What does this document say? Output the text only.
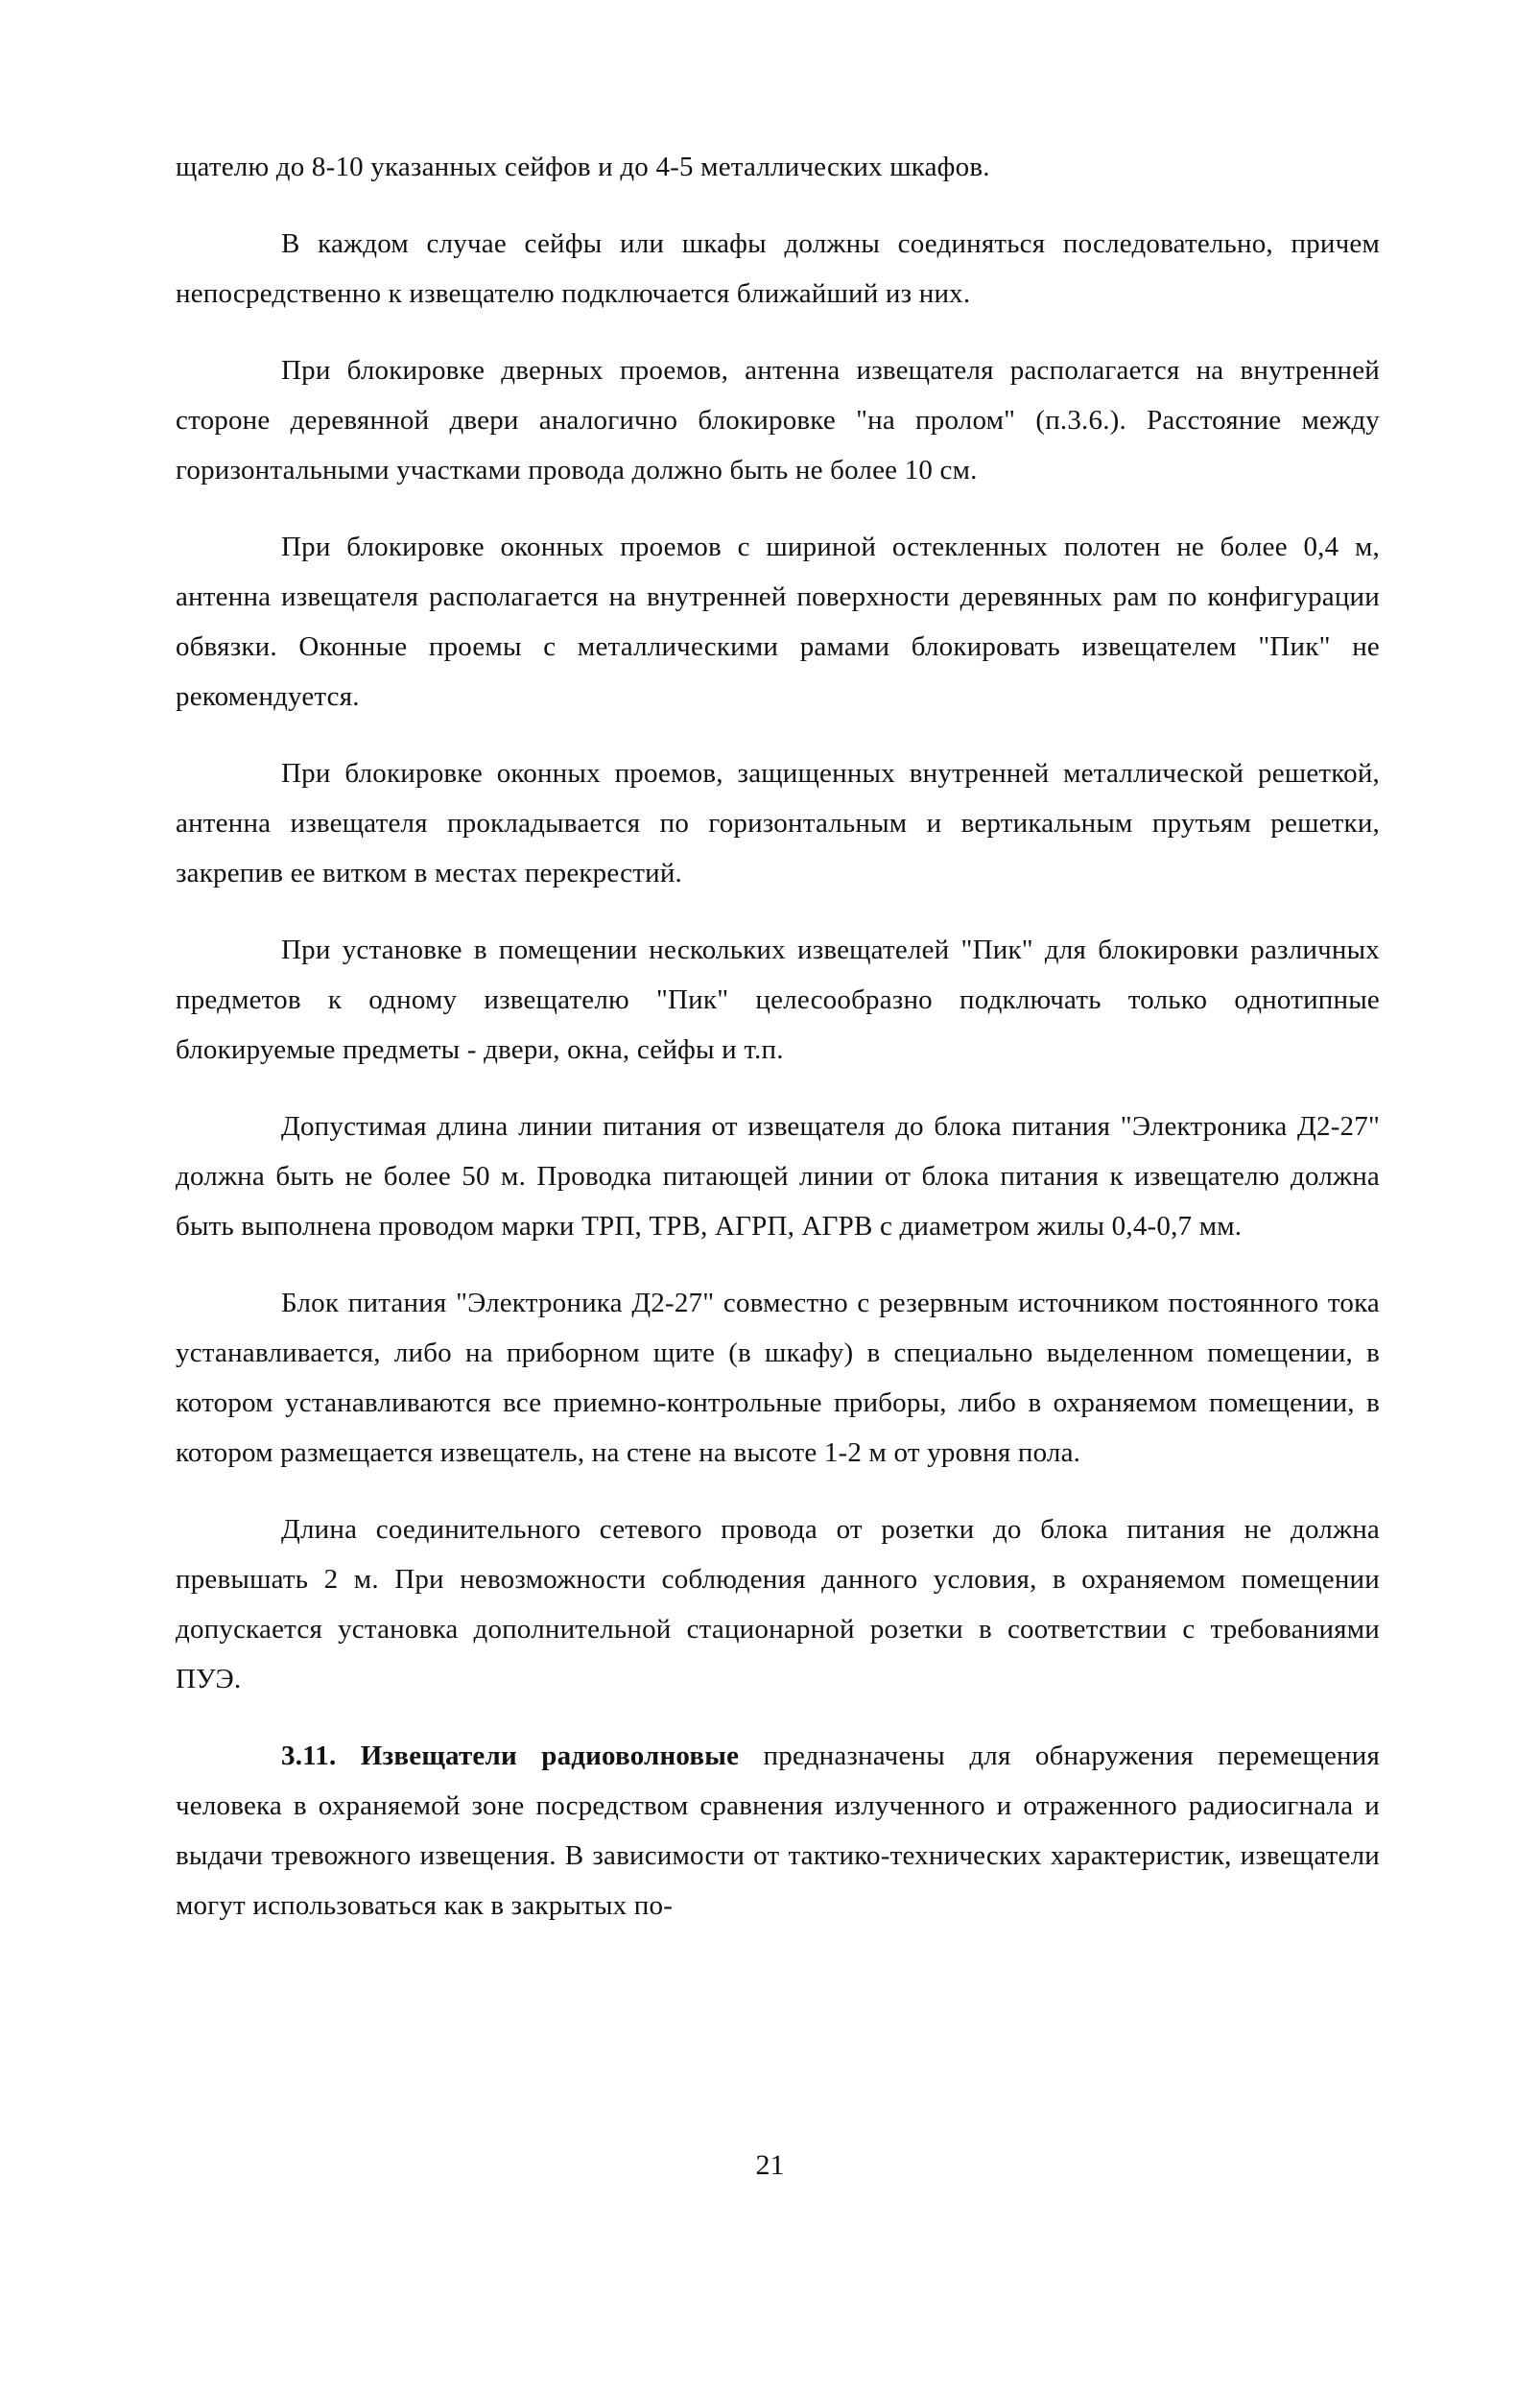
щателю до 8-10 указанных сейфов и до 4-5 металлических шкафов.

В каждом случае сейфы или шкафы должны соединяться последовательно, причем непосредственно к извещателю подключается ближайший из них.

При блокировке дверных проемов, антенна извещателя располагается на внутренней стороне деревянной двери аналогично блокировке "на пролом" (п.3.6.). Расстояние между горизонтальными участками провода должно быть не более 10 см.

При блокировке оконных проемов с шириной остекленных полотен не более 0,4 м, антенна извещателя располагается на внутренней поверхности деревянных рам по конфигурации обвязки. Оконные проемы с металлическими рамами блокировать извещателем "Пик" не рекомендуется.

При блокировке оконных проемов, защищенных внутренней металлической решеткой, антенна извещателя прокладывается по горизонтальным и вертикальным прутьям решетки, закрепив ее витком в местах перекрестий.

При установке в помещении нескольких извещателей "Пик" для блокировки различных предметов к одному извещателю "Пик" целесообразно подключать только однотипные блокируемые предметы - двери, окна, сейфы и т.п.

Допустимая длина линии питания от извещателя до блока питания "Электроника Д2-27" должна быть не более 50 м. Проводка питающей линии от блока питания к извещателю должна быть выполнена проводом марки ТРП, ТРВ, АГРП, АГРВ с диаметром жилы 0,4-0,7 мм.

Блок питания "Электроника Д2-27" совместно с резервным источником постоянного тока устанавливается, либо на приборном щите (в шкафу) в специально выделенном помещении, в котором устанавливаются все приемно-контрольные приборы, либо в охраняемом помещении, в котором размещается извещатель, на стене на высоте 1-2 м от уровня пола.

Длина соединительного сетевого провода от розетки до блока питания не должна превышать 2 м. При невозможности соблюдения данного условия, в охраняемом помещении допускается установка дополнительной стационарной розетки в соответствии с требованиями ПУЭ.

3.11. Извещатели радиоволновые предназначены для обнаружения перемещения человека в охраняемой зоне посредством сравнения излученного и отраженного радиосигнала и выдачи тревожного извещения. В зависимости от тактико-технических характеристик, извещатели могут использоваться как в закрытых по-

21
